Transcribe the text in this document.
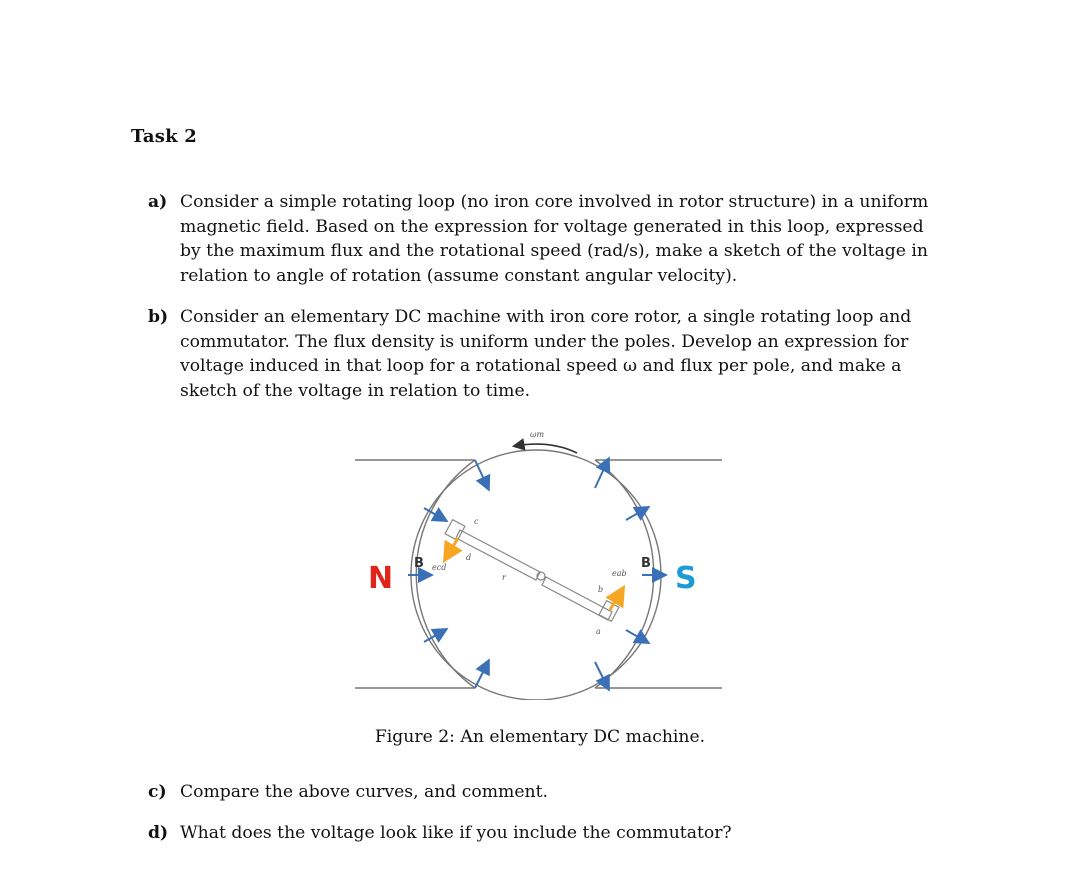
Task 2
a) Consider a simple rotating loop (no iron core involved in rotor structure) in a uniform magnetic field. Based on the expression for voltage generated in this loop, expressed by the maximum flux and the rotational speed (rad/s), make a sketch of the voltage in relation to angle of rotation (assume constant angular velocity).
b) Consider an elementary DC machine with iron core rotor, a single rotating loop and commutator. The flux density is uniform under the poles. Develop an expression for voltage induced in that loop for a rotational speed ω and flux per pole, and make a sketch of the voltage in relation to time.
ωm
N	S
B	B
c
d
ecd
r	eab
b
a
Figure 2: An elementary DC machine.
c) Compare the above curves, and comment.
d) What does the voltage look like if you include the commutator?
